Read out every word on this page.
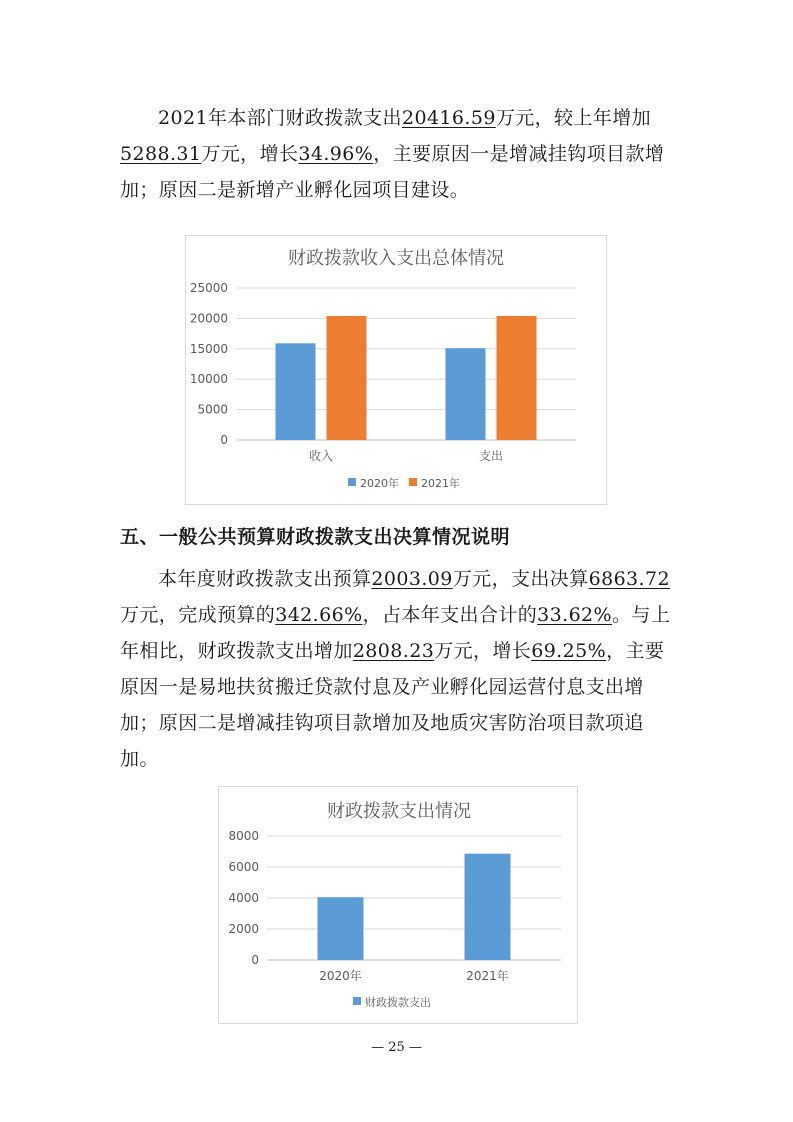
2021年本部门财政拨款支出20416.59万元，较上年增加5288.31万元，增长34.96%，主要原因一是增减挂钩项目款增加；原因二是新增产业孵化园项目建设。
财政拨款收入支出总体情况
0
5000
10000
15000
20000
25000
收入	支出
2020年 2021年
五、一般公共预算财政拨款支出决算情况说明
本年度财政拨款支出预算2003.09万元，支出决算6863.72万元，完成预算的342.66%，占本年支出合计的33.62%。与上年相比，财政拨款支出增加2808.23万元，增长69.25%，主要原因一是易地扶贫搬迁贷款付息及产业孵化园运营付息支出增加；原因二是增减挂钩项目款增加及地质灾害防治项目款项追加。
财政拨款支出情况
0
2000
4000
6000
8000
2020年	2021年
财政拨款支出
— 25 —
